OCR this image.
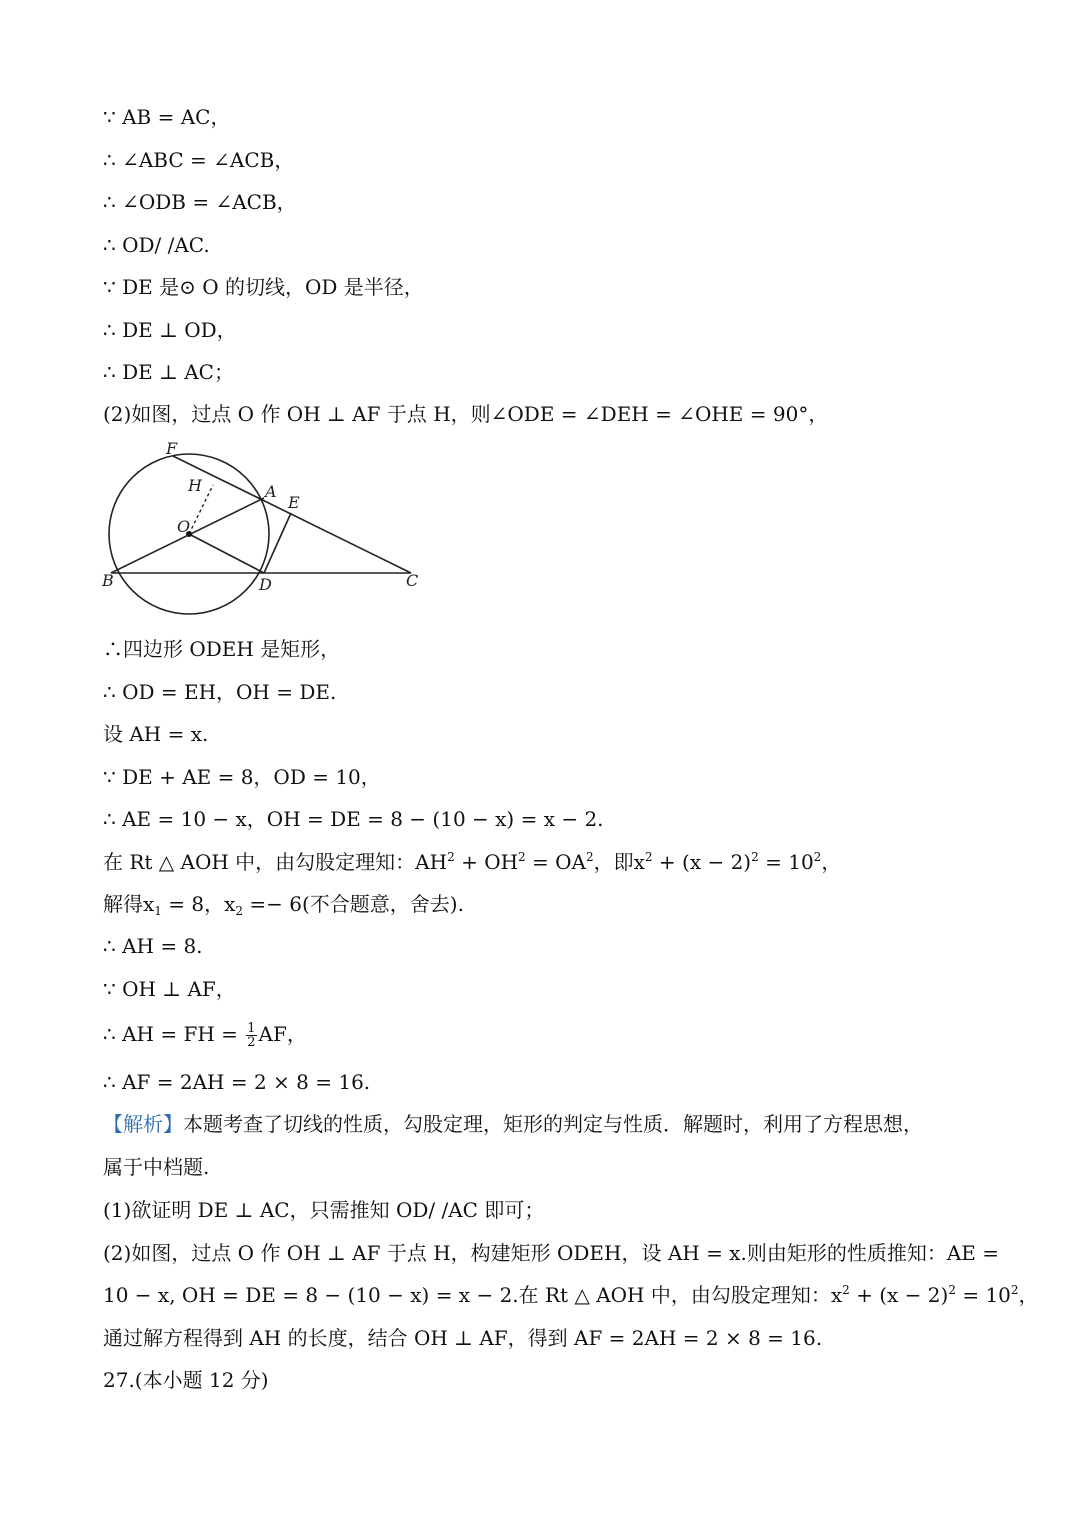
∵ AB = AC，
∴ ∠ABC = ∠ACB，
∴ ∠ODB = ∠ACB，
∴ OD/ /AC.
∵ DE 是⊙ O 的切线，OD 是半径，
∴ DE ⊥ OD，
∴ DE ⊥ AC；
(2)如图，过点 O 作 OH ⊥ AF 于点 H，则∠ODE = ∠DEH = ∠OHE = 90°，
F
H	A
E
O
B	D	C
∴四边形 ODEH 是矩形，
∴ OD = EH，OH = DE.
设 AH = x.
∵ DE + AE = 8，OD = 10，
∴ AE = 10 − x，OH = DE = 8 − (10 − x) = x − 2.
在 Rt △ AOH 中，由勾股定理知：$AH^2 + OH^2 = OA^2$，即$x^2 + (x - 2)^2 = 10^2$，
解得$x_1 = 8$，$x_2 =- 6$(不合题意，舍去).
∴ AH = 8.
∵ OH ⊥ AF，
∴ AH = FH = $\frac{1}{2}$ AF，
∴ AF = 2AH = 2 × 8 = 16.
【解析】本题考查了切线的性质，勾股定理，矩形的判定与性质．解题时，利用了方程思想，
属于中档题.
(1)欲证明 DE ⊥ AC，只需推知 OD/ /AC 即可；
(2)如图，过点 O 作 OH ⊥ AF 于点 H，构建矩形 ODEH，设 AH = x.则由矩形的性质推知：AE =
10 − x, OH = DE = 8 − (10 − x) = x − 2.在 Rt △ AOH 中，由勾股定理知：$x^2 + (x - 2)^2 = 10^2$，
通过解方程得到 AH 的长度，结合 OH ⊥ AF，得到 AF = 2AH = 2 × 8 = 16.
27.(本小题 12 分)
